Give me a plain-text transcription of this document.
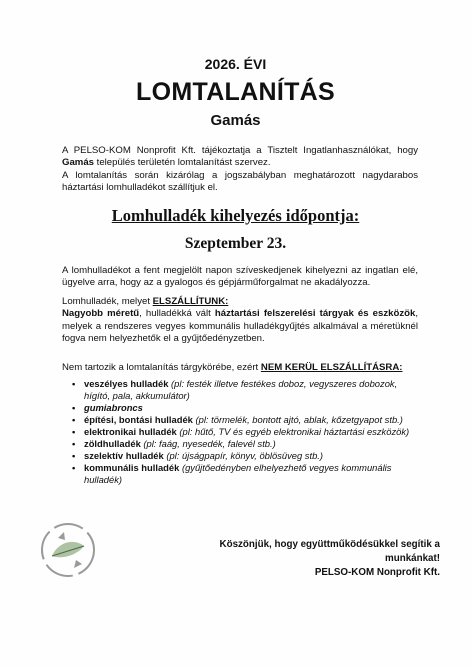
2026. ÉVI
LOMTALANÍTÁS
Gamás
A PELSO-KOM Nonprofit Kft. tájékoztatja a Tisztelt Ingatlanhasználókat, hogy Gamás település területén lomtalanítást szervez.
A lomtalanítás során kizárólag a jogszabályban meghatározott nagydarabos háztartási lomhulladékot szállítjuk el.
Lomhulladék kihelyezés időpontja:
Szeptember 23.
A lomhulladékot a fent megjelölt napon szíveskedjenek kihelyezni az ingatlan elé, ügyelve arra, hogy az a gyalogos és gépjárműforgalmat ne akadályozza.
Lomhulladék, melyet ELSZÁLLÍTUNK:
Nagyobb méretű, hulladékká vált háztartási felszerelési tárgyak és eszközök, melyek a rendszeres vegyes kommunális hulladékgyűjtés alkalmával a méretüknél fogva nem helyezhetők el a gyűjtőedényzetben.
Nem tartozik a lomtalanítás tárgykörébe, ezért NEM KERÜL ELSZÁLLÍTÁSRA:
• veszélyes hulladék (pl: festék illetve festékes doboz, vegyszeres dobozok, hígító, pala, akkumulátor)
• gumiabroncs
• építési, bontási hulladék (pl: törmelék, bontott ajtó, ablak, kőzetgyapot stb.)
• elektronikai hulladék (pl: hűtő, TV és egyéb elektronikai háztartási eszközök)
• zöldhulladék (pl: faág, nyesedék, falevél stb.)
• szelektív hulladék (pl: újságpapír, könyv, öblösüveg stb.)
• kommunális hulladék (gyűjtőedényben elhelyezhető vegyes kommunális hulladék)
Köszönjük, hogy együttműködésükkel segítik a munkánkat!
PELSO-KOM Nonprofit Kft.
